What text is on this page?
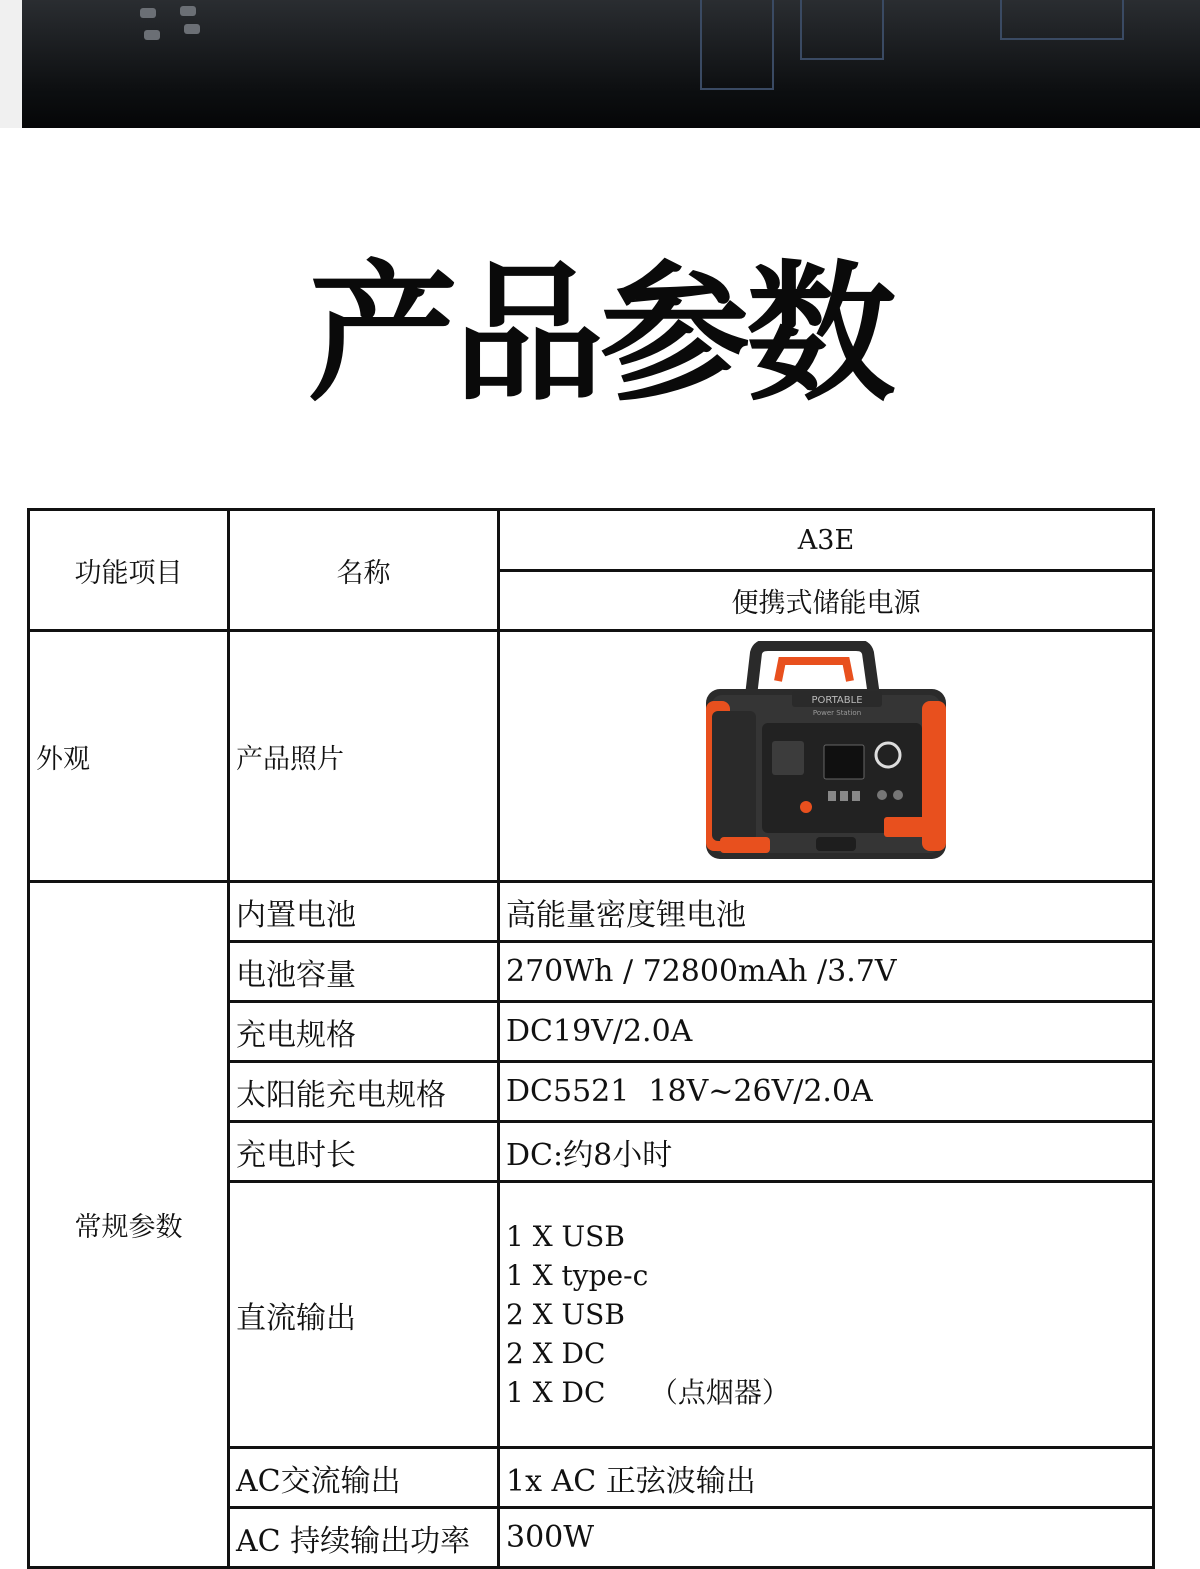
产品参数
功能项目	名称	A3E
		便携式储能电源
外观	产品照片	PORTABLE
Power Station

常规参数	内置电池	高能量密度锂电池
	电池容量	270Wh / 72800mAh /3.7V
	充电规格	DC19V/2.0A
	太阳能充电规格	DC5521  18V~26V/2.0A
	充电时长	DC:约8小时
	直流输出	1 X USB
1 X type-c
2 X USB
2 X DC
1 X DC     （点烟器）

	AC交流输出	1x AC 正弦波输出
	AC 持续输出功率	300W
